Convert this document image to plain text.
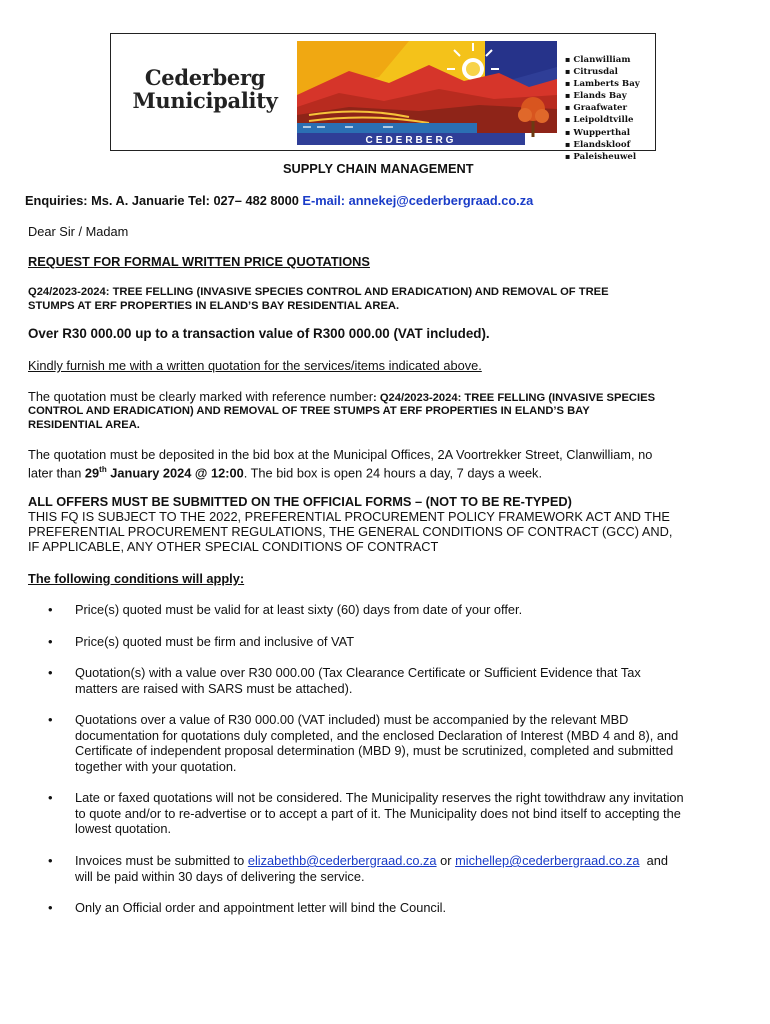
Cederberg
Municipality
CEDERBERG
▪ Clanwilliam
▪ Citrusdal
▪ Lamberts Bay
▪ Elands Bay
▪ Graafwater
▪ Leipoldtville
▪ Wupperthal
▪ Elandskloof
▪ Paleisheuwel
SUPPLY CHAIN MANAGEMENT
Enquiries: Ms. A. Januarie Tel: 027– 482 8000 E-mail: annekej@cederbergraad.co.za
Dear Sir / Madam
REQUEST FOR FORMAL WRITTEN PRICE QUOTATIONS
Q24/2023-2024: TREE FELLING (INVASIVE SPECIES CONTROL AND ERADICATION) AND REMOVAL OF TREE
STUMPS AT ERF PROPERTIES IN ELAND’S BAY RESIDENTIAL AREA.
Over R30 000.00 up to a transaction value of R300 000.00 (VAT included).
Kindly furnish me with a written quotation for the services/items indicated above.
The quotation must be clearly marked with reference number: Q24/2023-2024: TREE FELLING (INVASIVE SPECIES
CONTROL AND ERADICATION) AND REMOVAL OF TREE STUMPS AT ERF PROPERTIES IN ELAND’S BAY
RESIDENTIAL AREA.
The quotation must be deposited in the bid box at the Municipal Offices, 2A Voortrekker Street, Clanwilliam, no
later than 29th January 2024 @ 12:00. The bid box is open 24 hours a day, 7 days a week.
ALL OFFERS MUST BE SUBMITTED ON THE OFFICIAL FORMS – (NOT TO BE RE-TYPED)
THIS FQ IS SUBJECT TO THE 2022, PREFERENTIAL PROCUREMENT POLICY FRAMEWORK ACT AND THE
PREFERENTIAL PROCUREMENT REGULATIONS, THE GENERAL CONDITIONS OF CONTRACT (GCC) AND,
IF APPLICABLE, ANY OTHER SPECIAL CONDITIONS OF CONTRACT
The following conditions will apply:
• Price(s) quoted must be valid for at least sixty (60) days from date of your offer.
• Price(s) quoted must be firm and inclusive of VAT
• Quotation(s) with a value over R30 000.00 (Tax Clearance Certificate or Sufficient Evidence that Tax
matters are raised with SARS must be attached).
• Quotations over a value of R30 000.00 (VAT included) must be accompanied by the relevant MBD
documentation for quotations duly completed, and the enclosed Declaration of Interest (MBD 4 and 8), and
Certificate of independent proposal determination (MBD 9), must be scrutinized, completed and submitted
together with your quotation.
• Late or faxed quotations will not be considered. The Municipality reserves the right towithdraw any invitation
to quote and/or to re-advertise or to accept a part of it. The Municipality does not bind itself to accepting the
lowest quotation.
• Invoices must be submitted to elizabethb@cederbergraad.co.za or michellep@cederbergraad.co.za  and
will be paid within 30 days of delivering the service.
• Only an Official order and appointment letter will bind the Council.
